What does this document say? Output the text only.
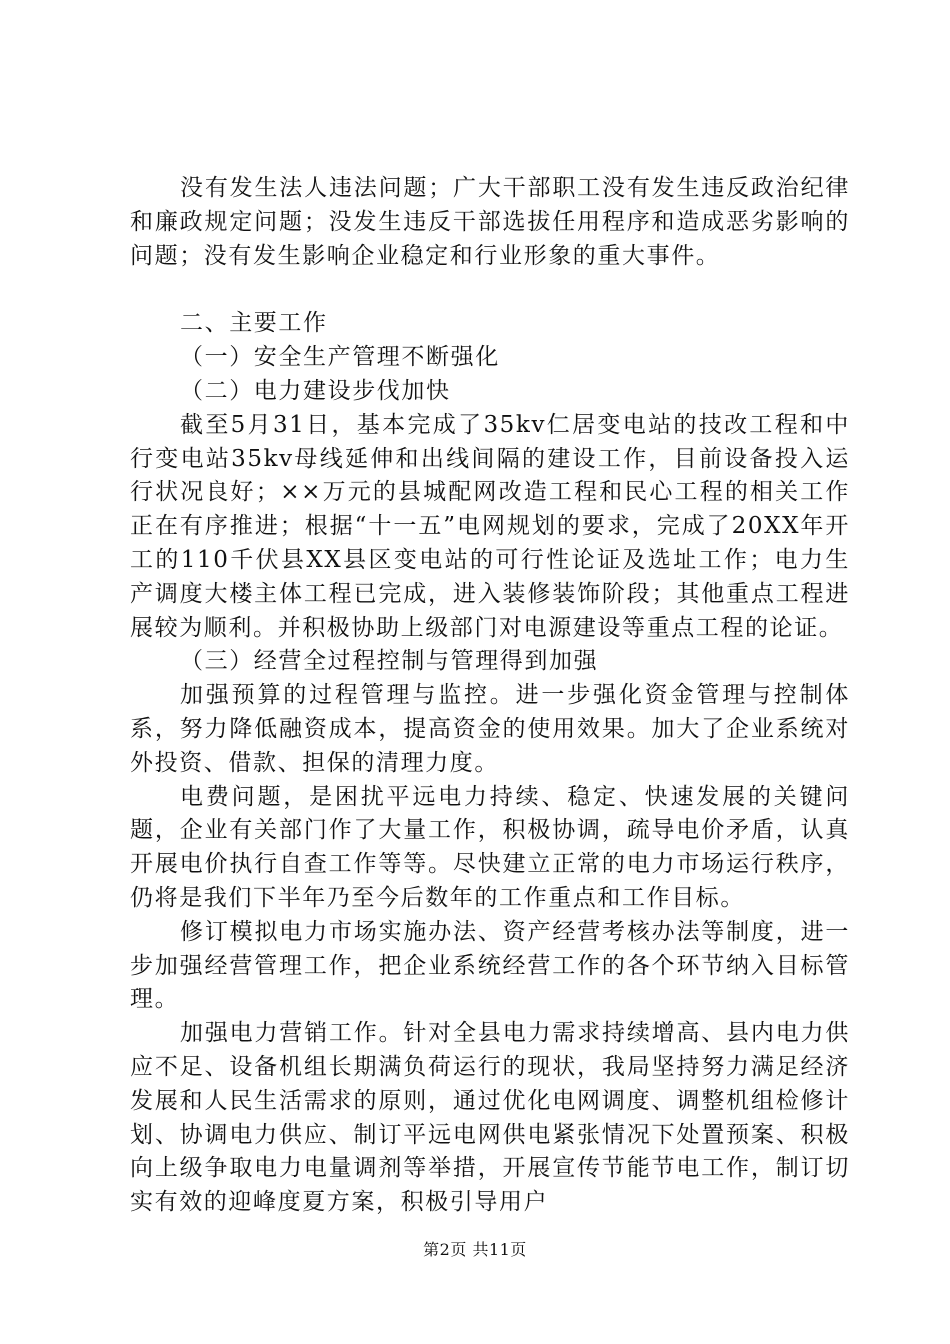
没有发生法人违法问题；广大干部职工没有发生违反政治纪律和廉政规定问题；没发生违反干部选拔任用程序和造成恶劣影响的问题；没有发生影响企业稳定和行业形象的重大事件。

二、主要工作

（一）安全生产管理不断强化

（二）电力建设步伐加快

截至5月31日，基本完成了35kv仁居变电站的技改工程和中行变电站35kv母线延伸和出线间隔的建设工作，目前设备投入运行状况良好；××万元的县城配网改造工程和民心工程的相关工作正在有序推进；根据“十一五”电网规划的要求，完成了20XX年开工的110千伏县XX县区变电站的可行性论证及选址工作；电力生产调度大楼主体工程已完成，进入装修装饰阶段；其他重点工程进展较为顺利。并积极协助上级部门对电源建设等重点工程的论证。

（三）经营全过程控制与管理得到加强

加强预算的过程管理与监控。进一步强化资金管理与控制体系，努力降低融资成本，提高资金的使用效果。加大了企业系统对外投资、借款、担保的清理力度。

电费问题，是困扰平远电力持续、稳定、快速发展的关键问题，企业有关部门作了大量工作，积极协调，疏导电价矛盾，认真开展电价执行自查工作等等。尽快建立正常的电力市场运行秩序，仍将是我们下半年乃至今后数年的工作重点和工作目标。

修订模拟电力市场实施办法、资产经营考核办法等制度，进一步加强经营管理工作，把企业系统经营工作的各个环节纳入目标管理。

加强电力营销工作。针对全县电力需求持续增高、县内电力供应不足、设备机组长期满负荷运行的现状，我局坚持努力满足经济发展和人民生活需求的原则，通过优化电网调度、调整机组检修计划、协调电力供应、制订平远电网供电紧张情况下处置预案、积极向上级争取电力电量调剂等举措，开展宣传节能节电工作，制订切实有效的迎峰度夏方案，积极引导用户

第2页 共11页
